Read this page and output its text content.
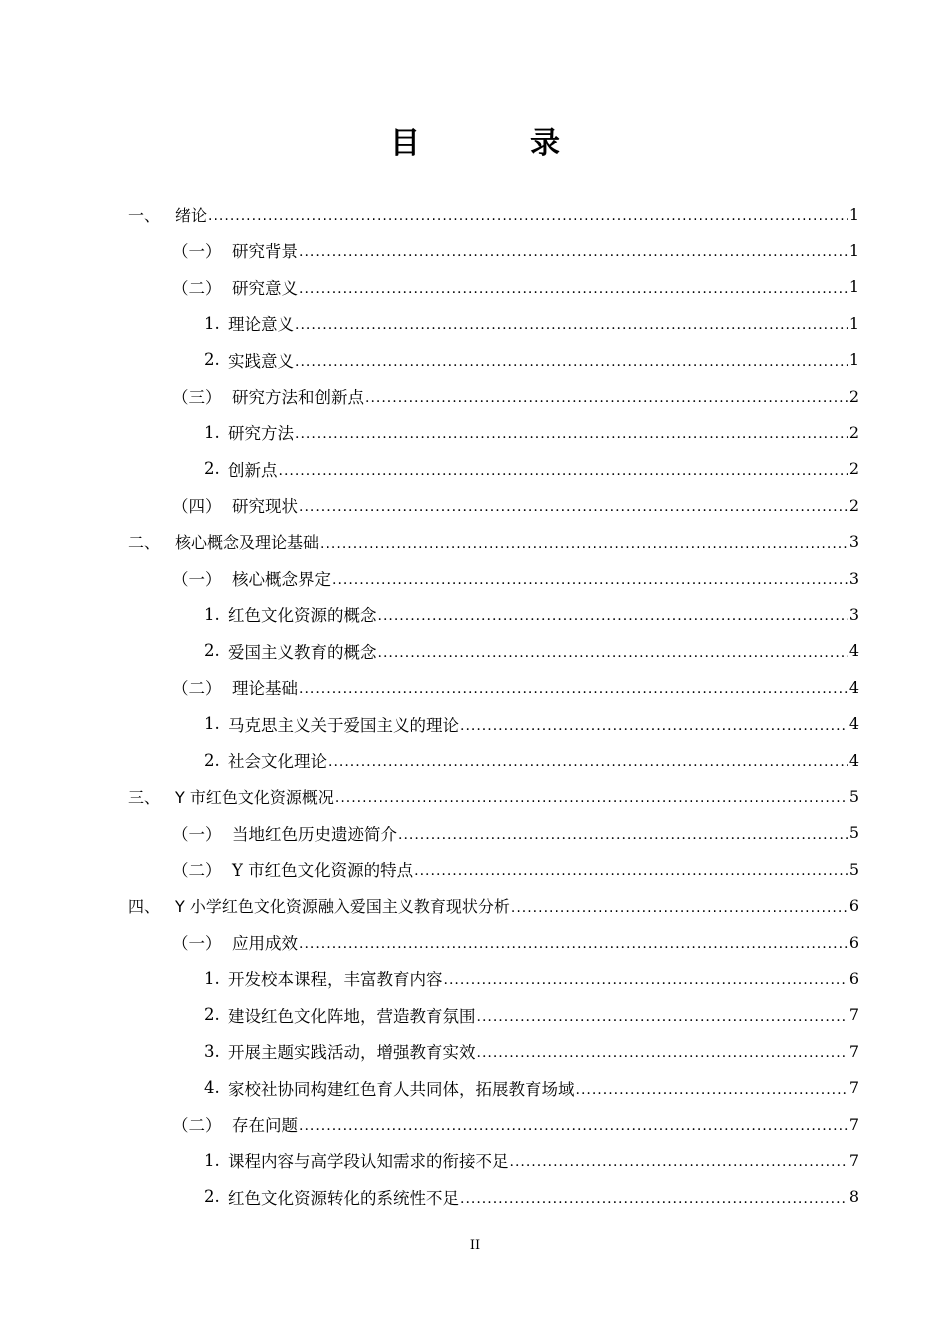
目　录
一、 绪论 .....	1
（一） 研究背景 .....	1
（二） 研究意义 .....	1
1. 理论意义 .....	1
2. 实践意义 .....	1
（三） 研究方法和创新点 .....	2
1. 研究方法 .....	2
2. 创新点 .....	2
（四） 研究现状 .....	2
二、 核心概念及理论基础 .....	3
（一） 核心概念界定 .....	3
1. 红色文化资源的概念 .....	3
2. 爱国主义教育的概念 .....	4
（二） 理论基础 .....	4
1. 马克思主义关于爱国主义的理论 .....	4
2. 社会文化理论 .....	4
三、 Y 市红色文化资源概况 .....	5
（一） 当地红色历史遗迹简介 .....	5
（二） Y 市红色文化资源的特点 .....	5
四、 Y 小学红色文化资源融入爱国主义教育现状分析 .....	6
（一） 应用成效 .....	6
1. 开发校本课程，丰富教育内容 .....	6
2. 建设红色文化阵地，营造教育氛围 .....	7
3. 开展主题实践活动，增强教育实效 .....	7
4. 家校社协同构建红色育人共同体，拓展教育场域 .....	7
（二） 存在问题 .....	7
1. 课程内容与高学段认知需求的衔接不足 .....	7
2. 红色文化资源转化的系统性不足 .....	8
II
